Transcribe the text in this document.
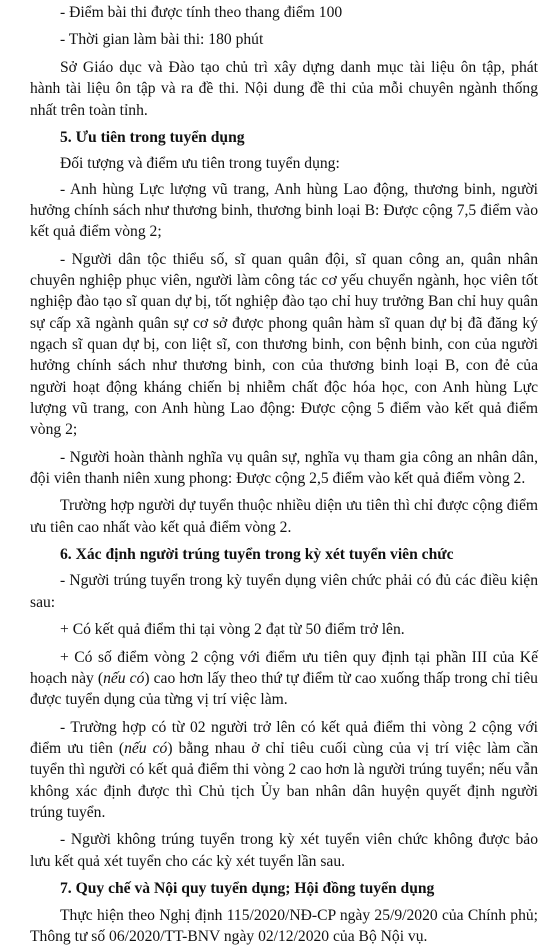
- Điểm bài thi được tính theo thang điểm 100

- Thời gian làm bài thi: 180 phút

Sở Giáo dục và Đào tạo chủ trì xây dựng danh mục tài liệu ôn tập, phát hành tài liệu ôn tập và ra đề thi. Nội dung đề thi của mỗi chuyên ngành thống nhất trên toàn tỉnh.

5. Ưu tiên trong tuyển dụng

Đối tượng và điểm ưu tiên trong tuyển dụng:

- Anh hùng Lực lượng vũ trang, Anh hùng Lao động, thương binh, người hưởng chính sách như thương binh, thương binh loại B: Được cộng 7,5 điểm vào kết quả điểm vòng 2;

- Người dân tộc thiểu số, sĩ quan quân đội, sĩ quan công an, quân nhân chuyên nghiệp phục viên, người làm công tác cơ yếu chuyển ngành, học viên tốt nghiệp đào tạo sĩ quan dự bị, tốt nghiệp đào tạo chỉ huy trưởng Ban chỉ huy quân sự cấp xã ngành quân sự cơ sở được phong quân hàm sĩ quan dự bị đã đăng ký ngạch sĩ quan dự bị, con liệt sĩ, con thương binh, con bệnh binh, con của người hưởng chính sách như thương binh, con của thương binh loại B, con đẻ của người hoạt động kháng chiến bị nhiễm chất độc hóa học, con Anh hùng Lực lượng vũ trang, con Anh hùng Lao động: Được cộng 5 điểm vào kết quả điểm vòng 2;

- Người hoàn thành nghĩa vụ quân sự, nghĩa vụ tham gia công an nhân dân, đội viên thanh niên xung phong: Được cộng 2,5 điểm vào kết quả điểm vòng 2.

Trường hợp người dự tuyển thuộc nhiều diện ưu tiên thì chỉ được cộng điểm ưu tiên cao nhất vào kết quả điểm vòng 2.

6. Xác định người trúng tuyển trong kỳ xét tuyển viên chức

- Người trúng tuyển trong kỳ tuyển dụng viên chức phải có đủ các điều kiện sau:

+ Có kết quả điểm thi tại vòng 2 đạt từ 50 điểm trở lên.

+ Có số điểm vòng 2 cộng với điểm ưu tiên quy định tại phần III của Kế hoạch này (nếu có) cao hơn lấy theo thứ tự điểm từ cao xuống thấp trong chỉ tiêu được tuyển dụng của từng vị trí việc làm.

- Trường hợp có từ 02 người trở lên có kết quả điểm thi vòng 2 cộng với điểm ưu tiên (nếu có) bằng nhau ở chỉ tiêu cuối cùng của vị trí việc làm cần tuyển thì người có kết quả điểm thi vòng 2 cao hơn là người trúng tuyển; nếu vẫn không xác định được thì Chủ tịch Ủy ban nhân dân huyện quyết định người trúng tuyển.

- Người không trúng tuyển trong kỳ xét tuyển viên chức không được bảo lưu kết quả xét tuyển cho các kỳ xét tuyển lần sau.

7. Quy chế và Nội quy tuyển dụng; Hội đồng tuyển dụng

Thực hiện theo Nghị định 115/2020/NĐ-CP ngày 25/9/2020 của Chính phủ; Thông tư số 06/2020/TT-BNV ngày 02/12/2020 của Bộ Nội vụ.
